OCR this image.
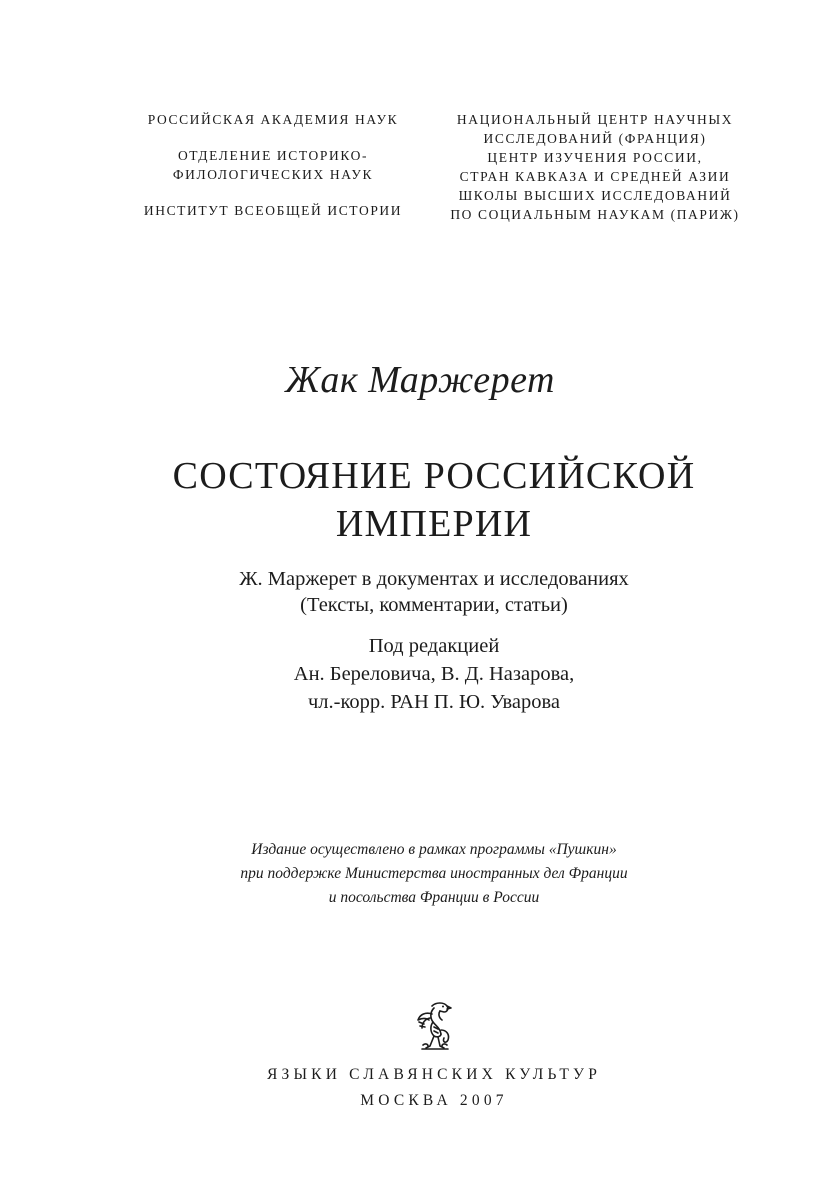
РОССИЙСКАЯ АКАДЕМИЯ НАУК
ОТДЕЛЕНИЕ ИСТОРИКО-
ФИЛОЛОГИЧЕСКИХ НАУК
ИНСТИТУТ ВСЕОБЩЕЙ ИСТОРИИ
НАЦИОНАЛЬНЫЙ ЦЕНТР НАУЧНЫХ
ИССЛЕДОВАНИЙ (ФРАНЦИЯ)
ЦЕНТР ИЗУЧЕНИЯ РОССИИ,
СТРАН КАВКАЗА И СРЕДНЕЙ АЗИИ
ШКОЛЫ ВЫСШИХ ИССЛЕДОВАНИЙ
ПО СОЦИАЛЬНЫМ НАУКАМ (ПАРИЖ)
Жак Маржерет
СОСТОЯНИЕ РОССИЙСКОЙ
ИМПЕРИИ
Ж. Маржерет в документах и исследованиях
(Тексты, комментарии, статьи)
Под редакцией
Ан. Береловича, В. Д. Назарова,
чл.-корр. РАН П. Ю. Уварова
Издание осуществлено в рамках программы «Пушкин»
при поддержке Министерства иностранных дел Франции
и посольства Франции в России
ЯЗЫКИ СЛАВЯНСКИХ КУЛЬТУР
МОСКВА 2007
